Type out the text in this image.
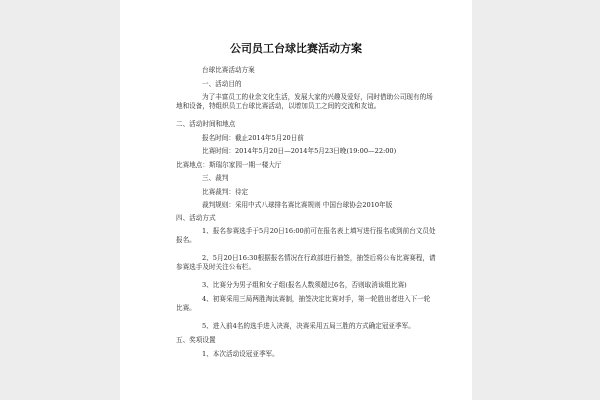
公司员工台球比赛活动方案
台球比赛活动方案
一、活动目的
为了丰富员工的业余文化生活，发展大家的兴趣及爱好，同时借助公司现有的场地和设备，特组织员工台球比赛活动，以增加员工之间的交流和友谊。
二、活动时间和地点
报名时间：截止2014年5月20日前
比赛时间：2014年5月20日—2014年5月23日晚(19:00—22:00)
比赛地点：斯瑞尔家园一期一楼大厅
三、裁判
比赛裁判：待定
裁判规则：采用中式八球排名赛比赛规则 中国台球协会2010年版
四、活动方式
1、报名参赛选手于5月20日16:00前可在报名表上填写进行报名或到前台文员处报名。
2、5月20日16:30根据报名情况在行政部进行抽签，抽签后将公布比赛赛程，请参赛选手及时关注公布栏。
3、比赛分为男子组和女子组(报名人数须超过6名，否则取消该组比赛)
4、初赛采用三局两胜淘汰赛制，抽签决定比赛对手，第一轮胜出者进入下一轮比赛。
5、进入前4名的选手进入决赛，决赛采用五局三胜的方式确定冠亚季军。
五、奖项设置
1、本次活动设冠亚季军。
